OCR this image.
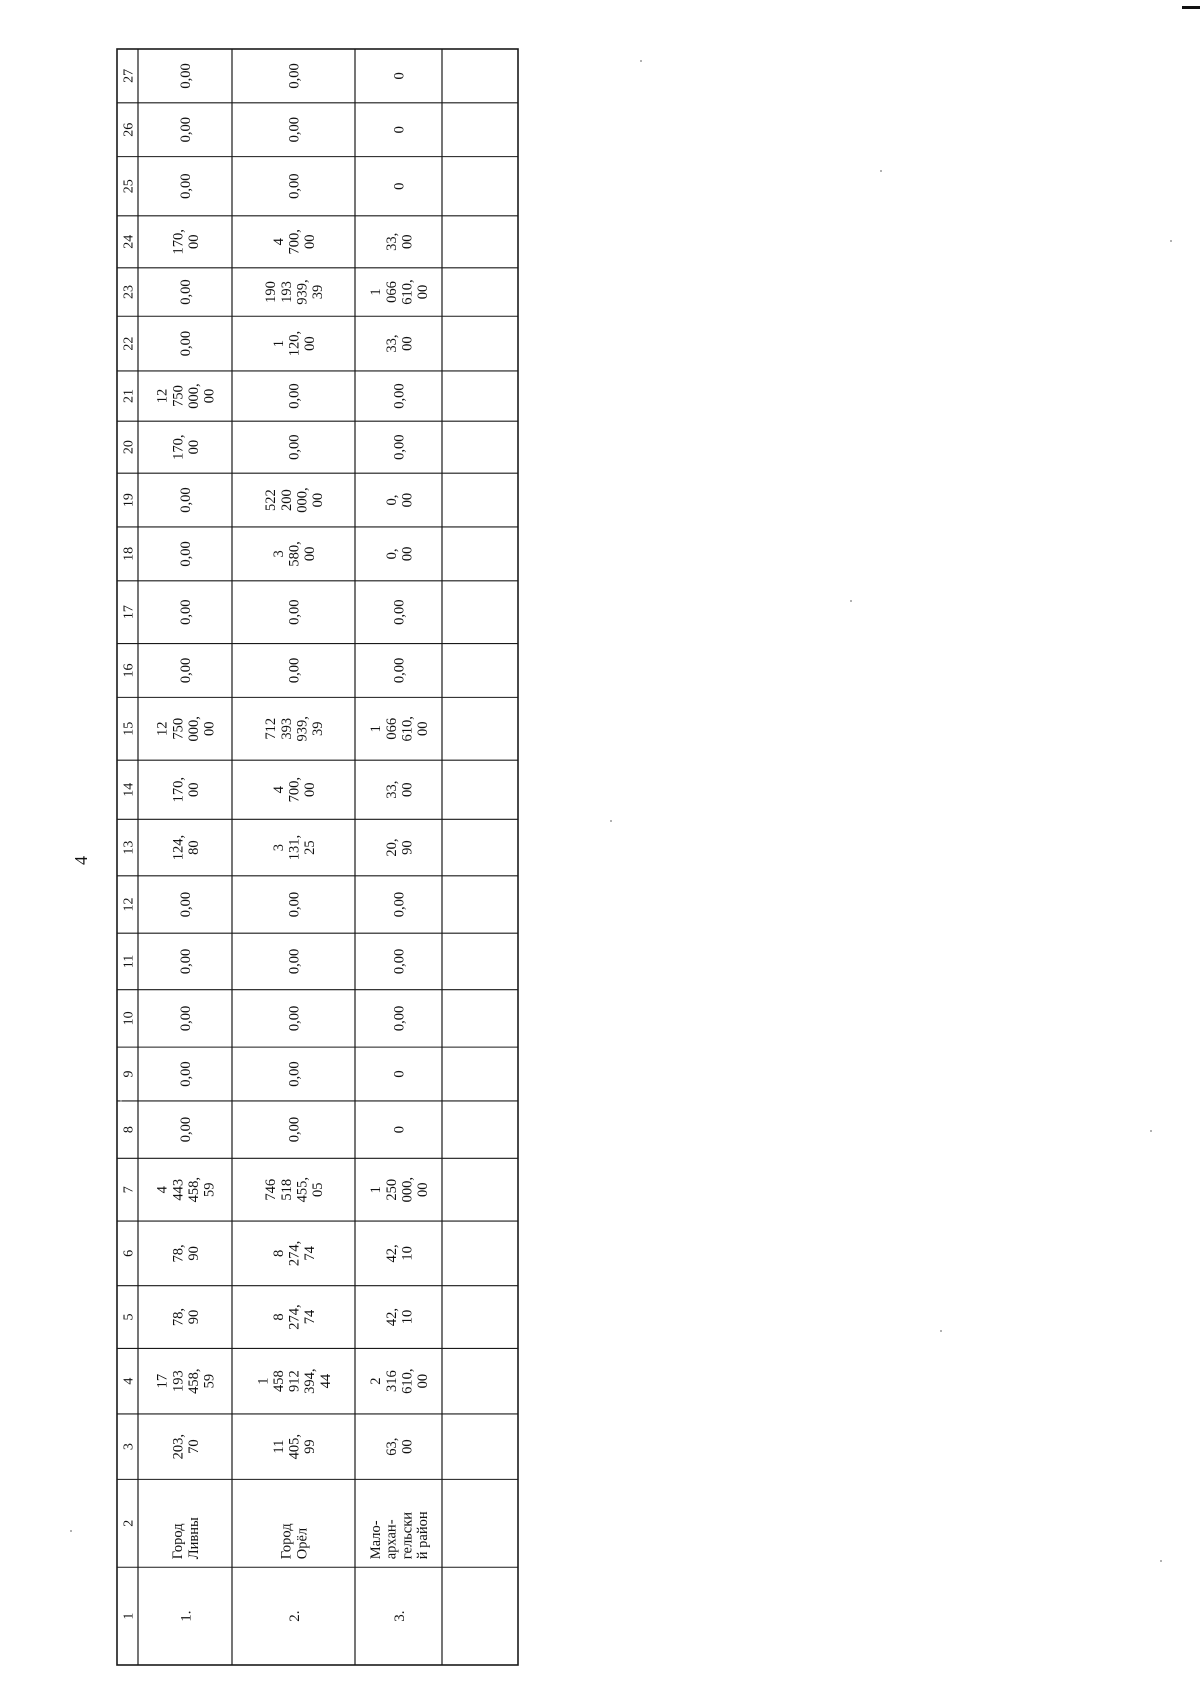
4
1
2
3
4
5
6
7
8
9
10
11
12
13
14
15
16
17
18
19
20
21
22
23
24
25
26
27
1.
Город Ливны
203, 70
17 193 458, 59
78, 90
78, 90
4 443 458, 59
0,00
0,00
0,00
0,00
0,00
124, 80
170, 00
12 750 000, 00
0,00
0,00
0,00
0,00
170, 00
12 750 000, 00
0,00
0,00
170, 00
0,00
0,00
0,00
2.
Город Орёл
11 405, 99
1 458 912 394, 44
8 274, 74
8 274, 74
746 518 455, 05
0,00
0,00
0,00
0,00
0,00
3 131, 25
4 700, 00
712 393 939, 39
0,00
0,00
3 580, 00
522 200 000, 00
0,00
0,00
1 120, 00
190 193 939, 39
4 700, 00
0,00
0,00
0,00
3.
Мало- архан- гельски й район
63, 00
2 316 610, 00
42, 10
42, 10
1 250 000, 00
0
0
0,00
0,00
0,00
20, 90
33, 00
1 066 610, 00
0,00
0,00
0, 00
0, 00
0,00
0,00
33, 00
1 066 610, 00
33, 00
0
0
0
